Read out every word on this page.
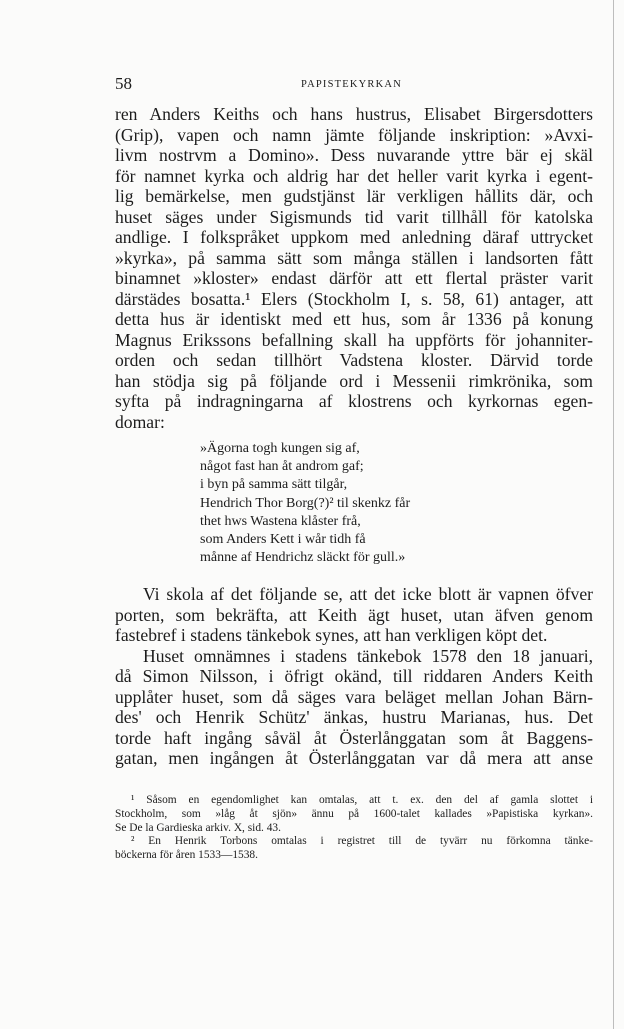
58	PAPISTEKYRKAN
ren Anders Keiths och hans hustrus, Elisabet Birgersdotters
(Grip), vapen och namn jämte följande inskription: »Avxi-
livm nostrvm a Domino». Dess nuvarande yttre bär ej skäl
för namnet kyrka och aldrig har det heller varit kyrka i egent-
lig bemärkelse, men gudstjänst lär verkligen hållits där, och
huset säges under Sigismunds tid varit tillhåll för katolska
andlige. I folkspråket uppkom med anledning däraf uttrycket
»kyrka», på samma sätt som många ställen i landsorten fått
binamnet »kloster» endast därför att ett flertal präster varit
därstädes bosatta.¹ Elers (Stockholm I, s. 58, 61) antager, att
detta hus är identiskt med ett hus, som år 1336 på konung
Magnus Erikssons befallning skall ha uppförts för johanniter-
orden och sedan tillhört Vadstena kloster. Därvid torde
han stödja sig på följande ord i Messenii rimkrönika, som
syfta på indragningarna af klostrens och kyrkornas egen-
domar:
»Ägorna togh kungen sig af,
något fast han åt androm gaf;
i byn på samma sätt tilgår,
Hendrich Thor Borg(?)² til skenkz får
thet hws Wastena klåster frå,
som Anders Kett i wår tidh få
månne af Hendrichz släckt för gull.»
Vi skola af det följande se, att det icke blott är vapnen öfver
porten, som bekräfta, att Keith ägt huset, utan äfven genom
fastebref i stadens tänkebok synes, att han verkligen köpt det.
Huset omnämnes i stadens tänkebok 1578 den 18 januari,
då Simon Nilsson, i öfrigt okänd, till riddaren Anders Keith
upplåter huset, som då säges vara beläget mellan Johan Bärn-
des' och Henrik Schütz' änkas, hustru Marianas, hus. Det
torde haft ingång såväl åt Österlånggatan som åt Baggens-
gatan, men ingången åt Österlånggatan var då mera att anse
¹ Såsom en egendomlighet kan omtalas, att t. ex. den del af gamla slottet i
Stockholm, som »låg åt sjön» ännu på 1600-talet kallades »Papistiska kyrkan».
Se De la Gardieska arkiv. X, sid. 43.
² En Henrik Torbons omtalas i registret till de tyvärr nu förkomna tänke-
böckerna för åren 1533—1538.
